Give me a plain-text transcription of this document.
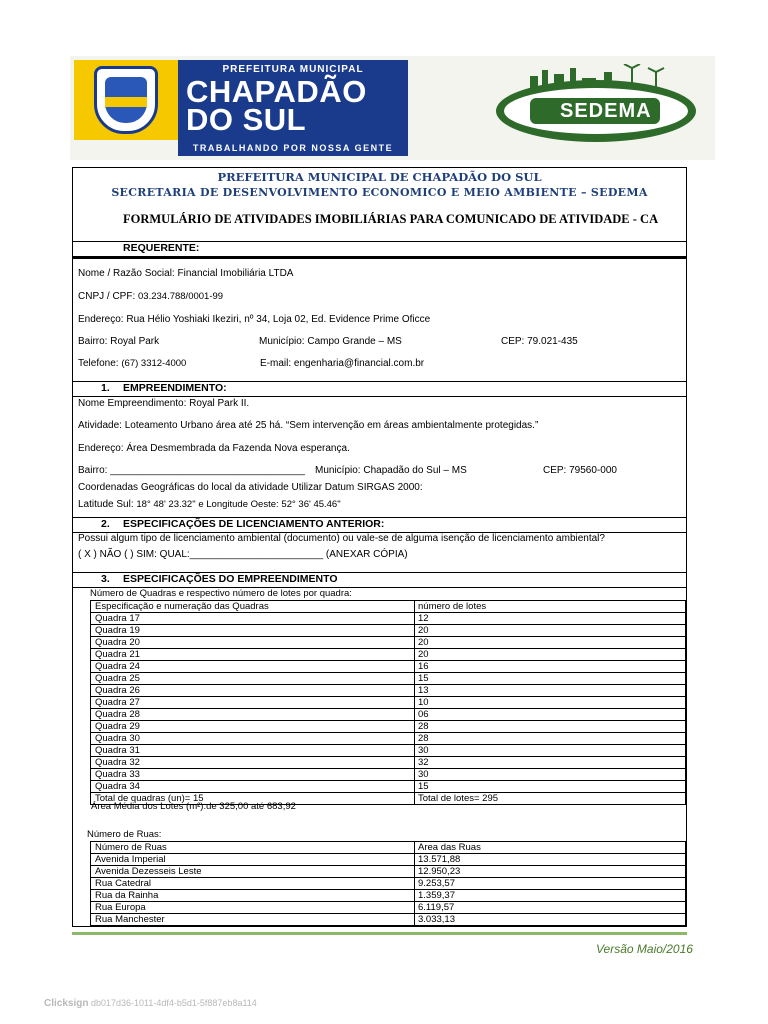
PREFEITURA MUNICIPAL
CHAPADÃO
DO SUL
TRABALHANDO POR NOSSA GENTE
SEDEMA
PREFEITURA MUNICIPAL DE CHAPADÃO DO SUL
SECRETARIA DE DESENVOLVIMENTO ECONOMICO E MEIO AMBIENTE – SEDEMA
FORMULÁRIO DE ATIVIDADES IMOBILIÁRIAS PARA COMUNICADO DE ATIVIDADE - CA
REQUERENTE:
Nome / Razão Social: Financial Imobiliária LTDA
CNPJ / CPF: 03.234.788/0001-99
Endereço: Rua Hélio Yoshiaki Ikeziri, nº 34, Loja 02, Ed. Evidence Prime Oficce
Bairro: Royal Park	Município: Campo Grande – MS	CEP: 79.021-435
Telefone: (67) 3312-4000	E-mail: engenharia@financial.com.br
1. EMPREENDIMENTO:
Nome Empreendimento: Royal Park II.
Atividade: Loteamento Urbano área até 25 há. “Sem intervenção em áreas ambientalmente protegidas.”
Endereço: Área Desmembrada da Fazenda Nova esperança.
Bairro: ___________________________________ Município: Chapadão do Sul – MS	CEP: 79560-000
Coordenadas Geográficas do local da atividade Utilizar Datum SIRGAS 2000:
Latitude Sul: 18° 48' 23.32" e Longitude Oeste: 52° 36' 45.46"
2. ESPECIFICAÇÕES DE LICENCIAMENTO ANTERIOR:
Possui algum tipo de licenciamento ambiental (documento) ou vale-se de alguma isenção de licenciamento ambiental?
( X ) NÃO ( ) SIM: QUAL:________________________ (ANEXAR CÓPIA)
3. ESPECIFICAÇÕES DO EMPREENDIMENTO
Número de Quadras e respectivo número de lotes por quadra:
Especificação e numeração das Quadras	número de lotes
Quadra 17	12
Quadra 19	20
Quadra 20	20
Quadra 21	20
Quadra 24	16
Quadra 25	15
Quadra 26	13
Quadra 27	10
Quadra 28	06
Quadra 29	28
Quadra 30	28
Quadra 31	30
Quadra 32	32
Quadra 33	30
Quadra 34	15
Total de quadras (un)= 15	Total de lotes= 295
Área Média dos Lotes (m²):de 325,00 até 683,92
Número de Ruas:
Número de Ruas	Area das Ruas
Avenida Imperial	13.571,88
Avenida Dezesseis Leste	12.950,23
Rua Catedral	9.253,57
Rua da Rainha	1.359,37
Rua Europa	6.119,57
Rua Manchester	3.033,13
Versão Maio/2016
Clicksign db017d36-1011-4df4-b5d1-5f887eb8a114
